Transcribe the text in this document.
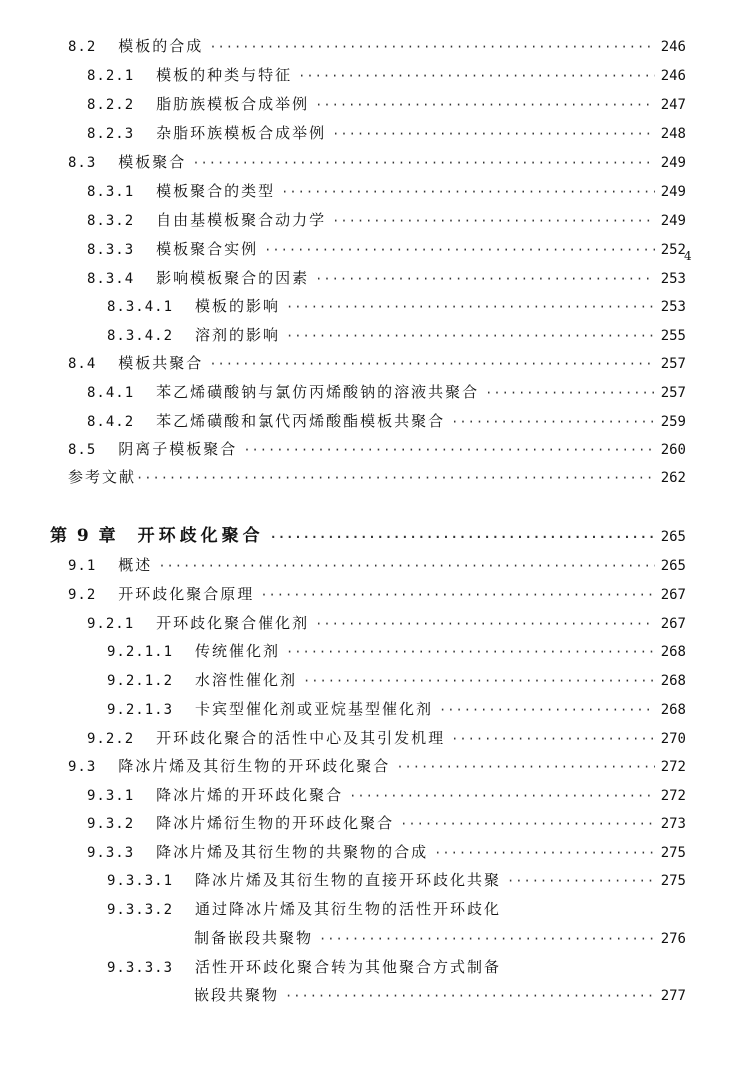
8.2 模板的合成 ·····	246
8.2.1 模板的种类与特征 ·····	246
8.2.2 脂肪族模板合成举例 ·····	247
8.2.3 杂脂环族模板合成举例 ·····	248
8.3 模板聚合 ·····	249
8.3.1 模板聚合的类型 ·····	249
8.3.2 自由基模板聚合动力学 ·····	249
8.3.3 模板聚合实例 ·····	252
4
8.3.4 影响模板聚合的因素 ·····	253
8.3.4.1 模板的影响 ·····	253
8.3.4.2 溶剂的影响 ·····	255
8.4 模板共聚合 ·····	257
8.4.1 苯乙烯磺酸钠与氯仿丙烯酸钠的溶液共聚合 ·····	257
8.4.2 苯乙烯磺酸和氯代丙烯酸酯模板共聚合 ·····	259
8.5 阴离子模板聚合 ·····	260
参考文献 ·····	262
第 9 章 开环歧化聚合 ·····	265
9.1 概述 ·····	265
9.2 开环歧化聚合原理 ·····	267
9.2.1 开环歧化聚合催化剂 ·····	267
9.2.1.1 传统催化剂 ·····	268
9.2.1.2 水溶性催化剂 ·····	268
9.2.1.3 卡宾型催化剂或亚烷基型催化剂 ·····	268
9.2.2 开环歧化聚合的活性中心及其引发机理 ·····	270
9.3 降冰片烯及其衍生物的开环歧化聚合 ·····	272
9.3.1 降冰片烯的开环歧化聚合 ·····	272
9.3.2 降冰片烯衍生物的开环歧化聚合 ·····	273
9.3.3 降冰片烯及其衍生物的共聚物的合成 ·····	275
9.3.3.1 降冰片烯及其衍生物的直接开环歧化共聚 ·····	275
9.3.3.2 通过降冰片烯及其衍生物的活性开环歧化
制备嵌段共聚物 ·····	276
9.3.3.3 活性开环歧化聚合转为其他聚合方式制备
嵌段共聚物 ·····	277
